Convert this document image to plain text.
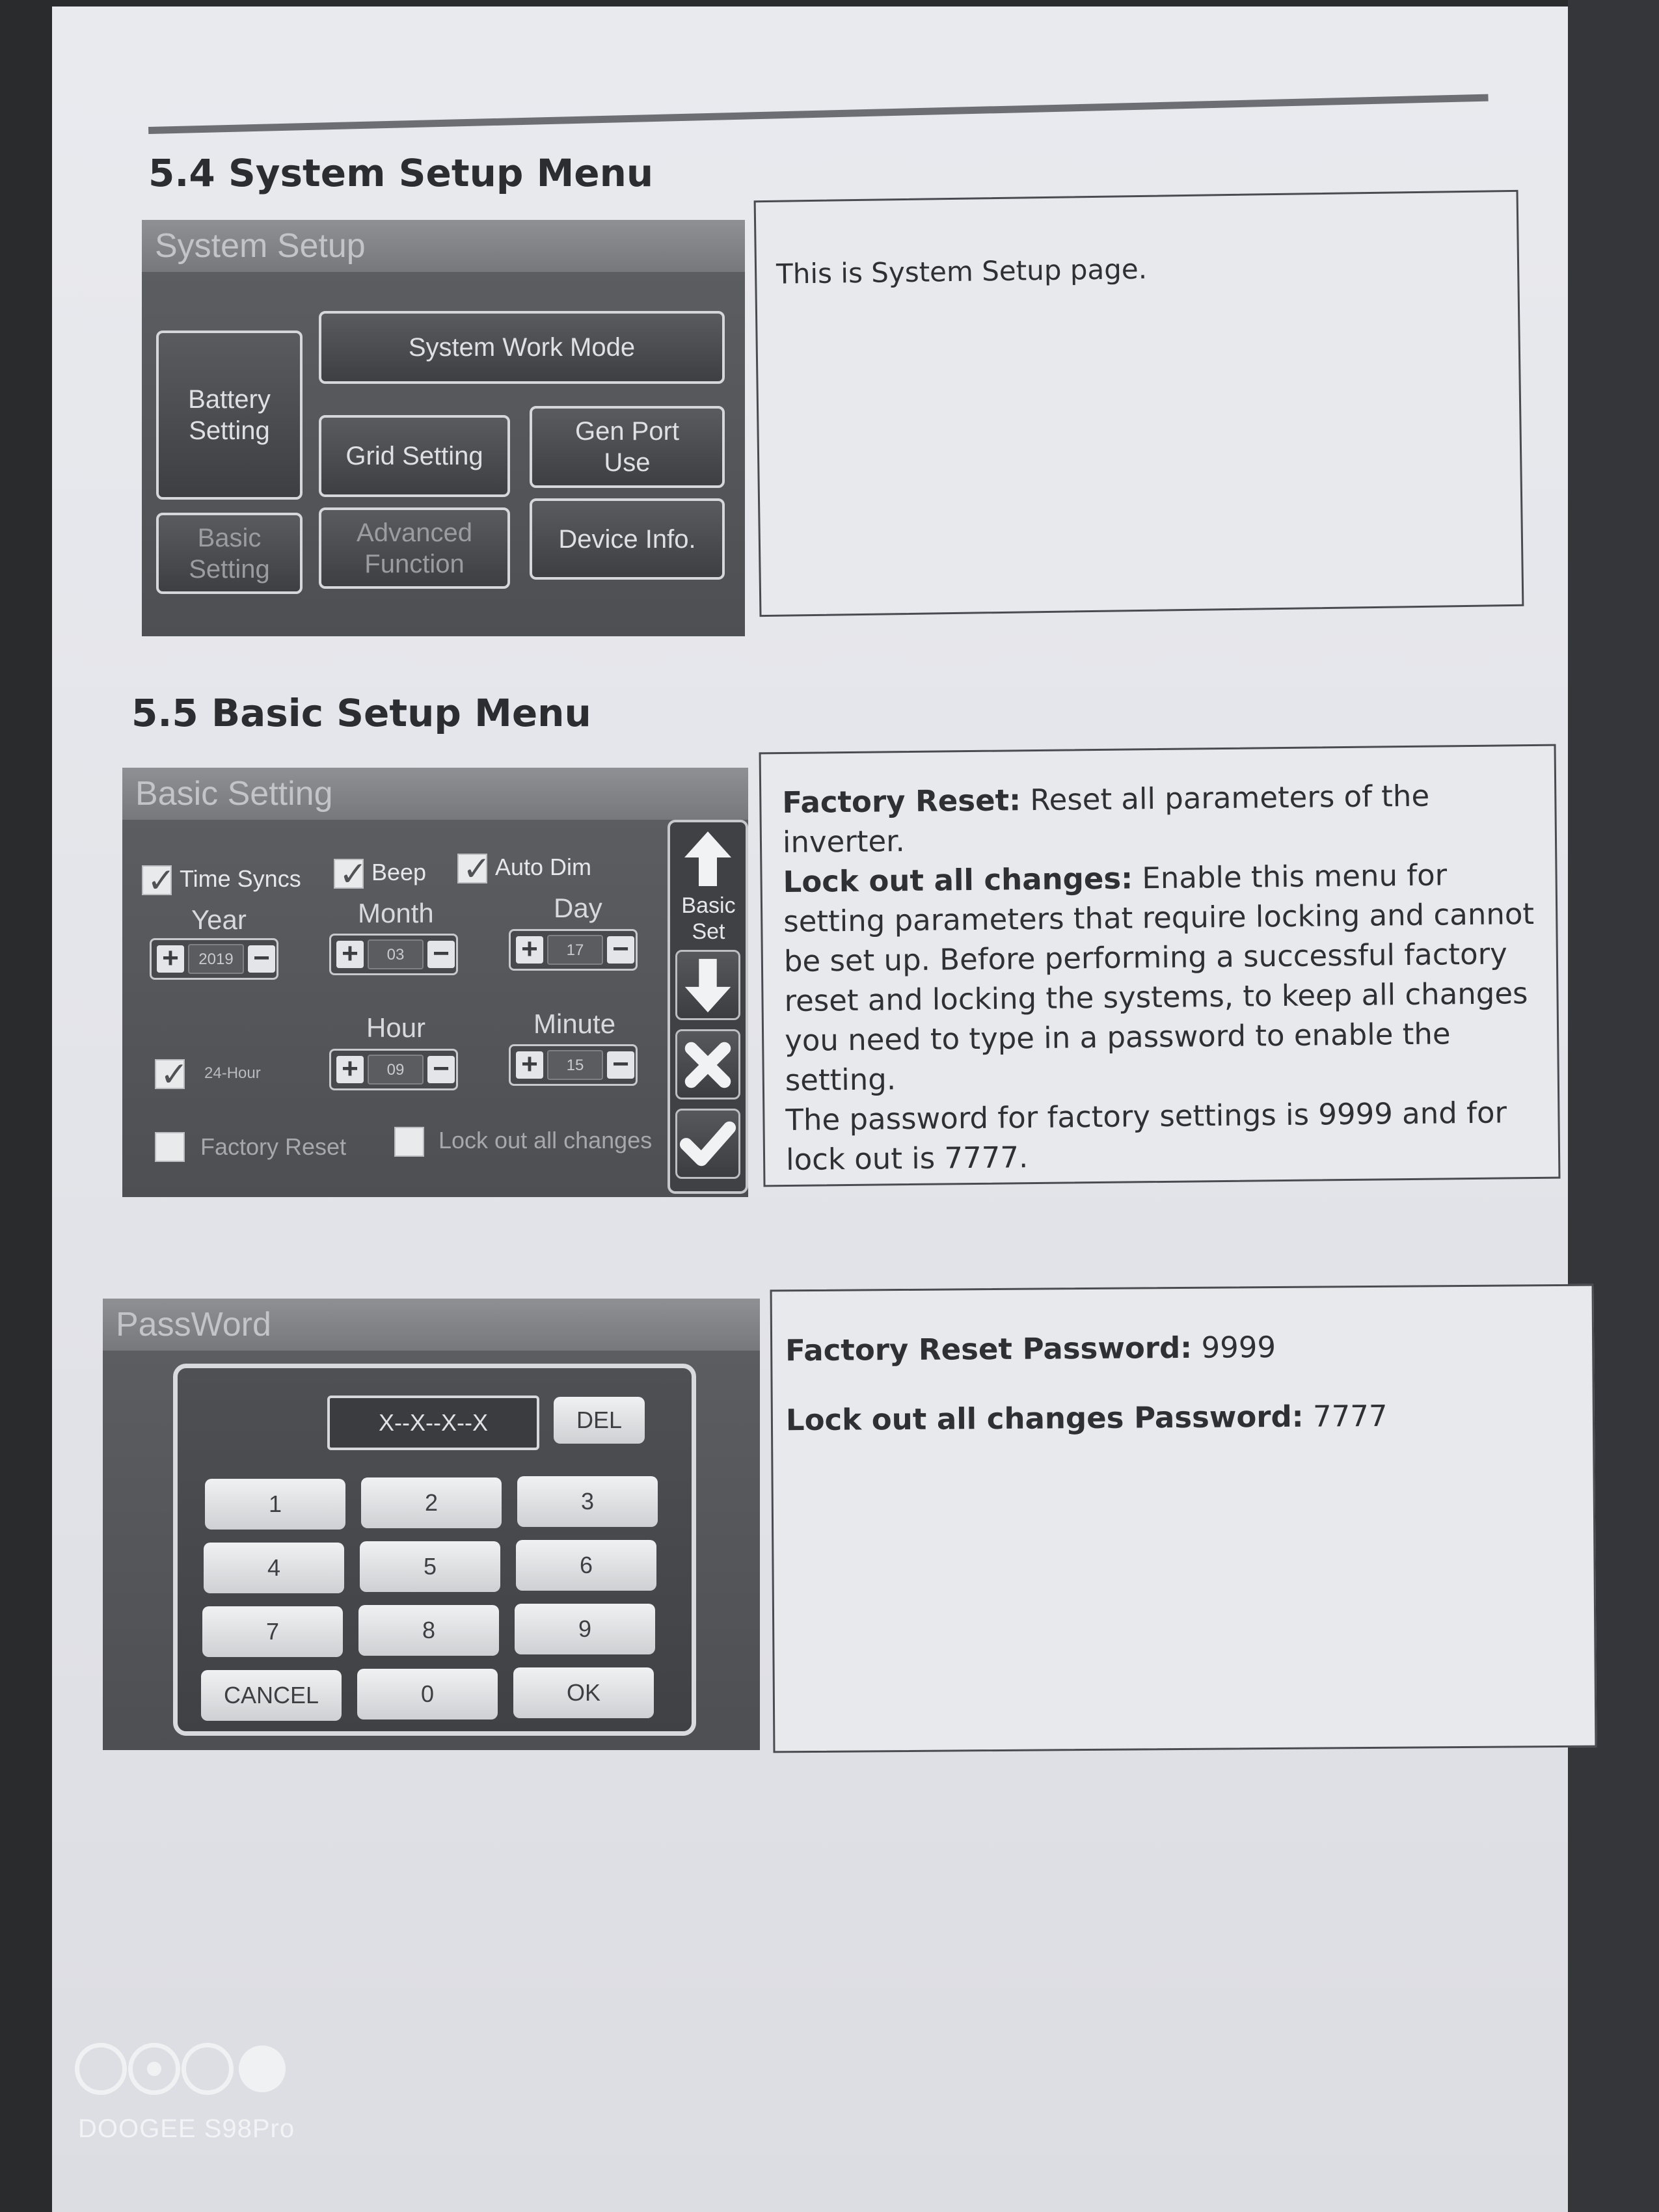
5.4 System Setup Menu
System Setup
Battery
Setting
System Work Mode
Grid Setting
Gen Port
Use
Basic
Setting
Advanced
Function
Device Info.
This is System Setup page.
5.5 Basic Setup Menu
Basic Setting
✓ Time Syncs ✓ Beep ✓ Auto Dim
Year	Month	Day
+	2019 −	+	03 −	+	17 −
Hour	Minute
✓ 24-Hour	+	09 −	+	15 −
Factory Reset	Lock out all changes
Basic
Set
Factory Reset: Reset all parameters of the inverter.
Lock out all changes: Enable this menu for setting parameters that require locking and cannot be set up. Before performing a successful factory reset and locking the systems, to keep all changes you need to type in a password to enable the setting.
The password for factory settings is 9999 and for lock out is 7777.
PassWord
X--X--X--X	DEL
1	2	3
4	5	6
7	8	9
CANCEL	0	OK
Factory Reset Password: 9999
Lock out all changes Password: 7777
DOOGEE S98Pro
